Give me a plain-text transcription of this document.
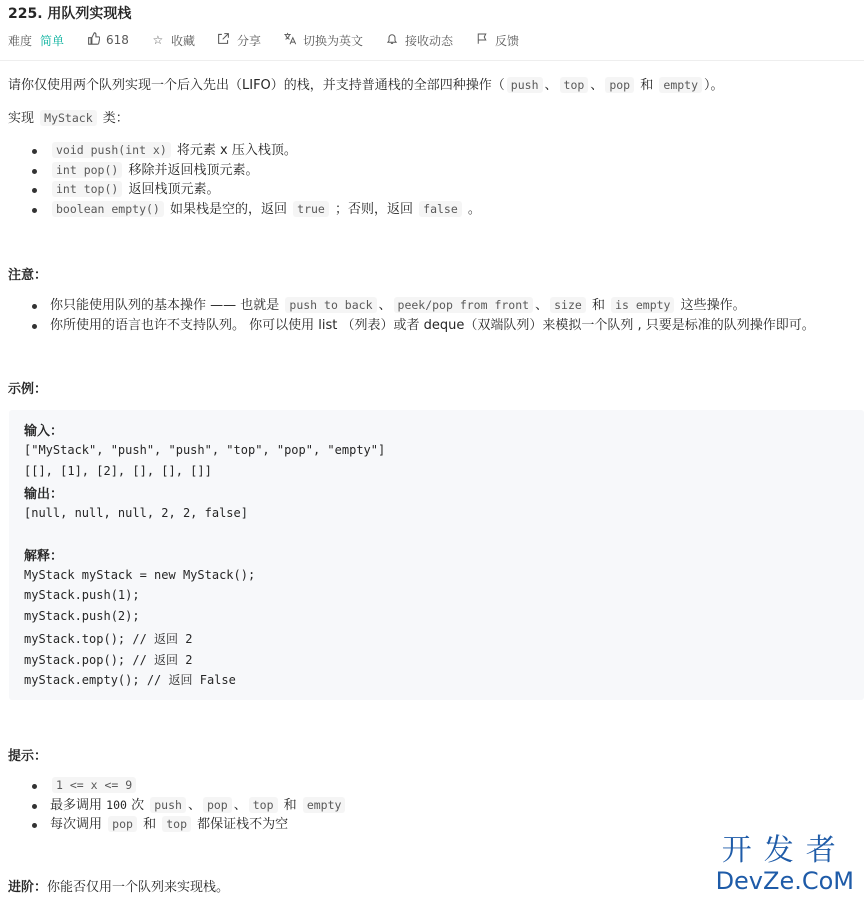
225. 用队列实现栈
难度 简单	618 ☆ 收藏	分享	切换为英文	接收动态	反馈
请你仅使用两个队列实现一个后入先出（LIFO）的栈，并支持普通栈的全部四种操作（ push 、 top 、 pop 和 empty ）。
实现 MyStack 类：
void push(int x) 将元素 x 压入栈顶。
int pop() 移除并返回栈顶元素。
int top() 返回栈顶元素。
boolean empty() 如果栈是空的，返回 true ；否则，返回 false 。
注意：
你只能使用队列的基本操作 —— 也就是 push to back 、 peek/pop from front 、 size 和 is empty 这些操作。
你所使用的语言也许不支持队列。 你可以使用 list （列表）或者 deque（双端队列）来模拟一个队列 , 只要是标准的队列操作即可。
示例：
输入：
["MyStack", "push", "push", "top", "pop", "empty"]
[[], [1], [2], [], [], []]
输出：
[null, null, null, 2, 2, false]
解释：
MyStack myStack = new MyStack();
myStack.push(1);
myStack.push(2);
myStack.top(); // 返回 2
myStack.pop(); // 返回 2
myStack.empty(); // 返回 False
提示：
1 <= x <= 9
最多调用 100 次 push 、 pop 、 top 和 empty
每次调用 pop 和 top 都保证栈不为空
进阶：你能否仅用一个队列来实现栈。
开发者
DevZe.CoM
